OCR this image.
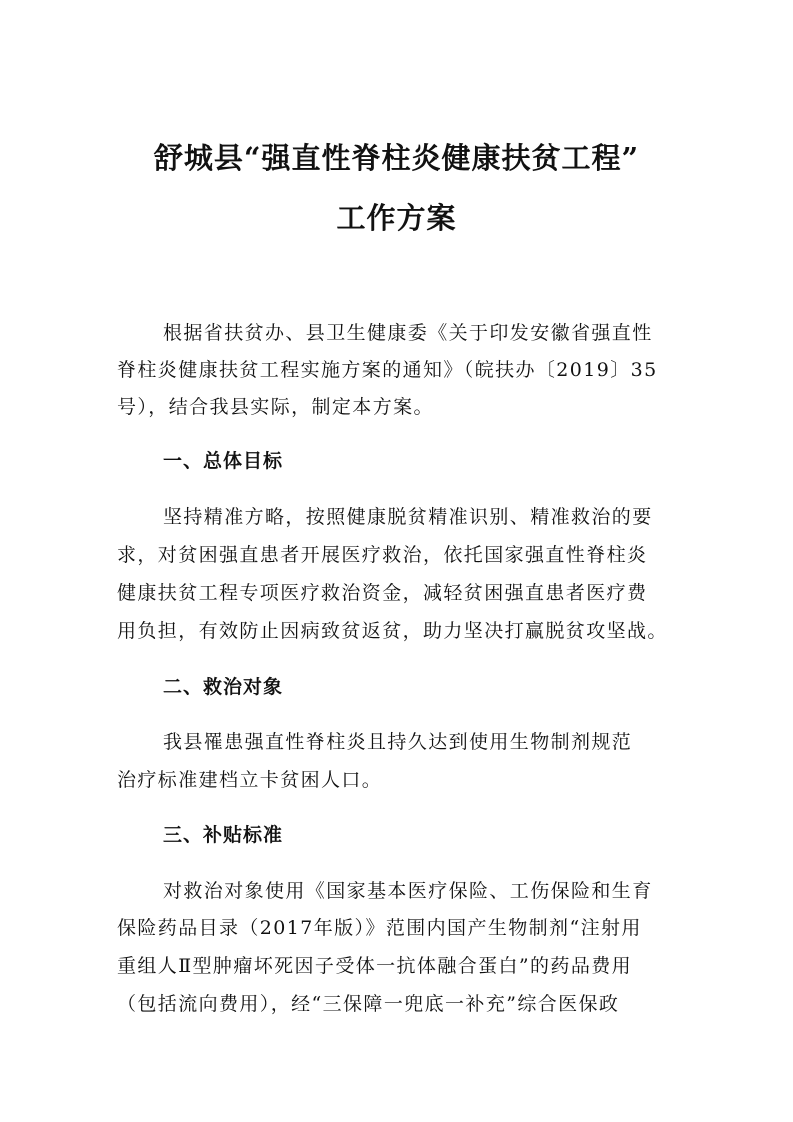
舒城县“强直性脊柱炎健康扶贫工程”
工作方案
根据省扶贫办、县卫生健康委《关于印发安徽省强直性
脊柱炎健康扶贫工程实施方案的通知》（皖扶办〔2019〕35
号），结合我县实际，制定本方案。
一、总体目标
坚持精准方略，按照健康脱贫精准识别、精准救治的要
求，对贫困强直患者开展医疗救治，依托国家强直性脊柱炎
健康扶贫工程专项医疗救治资金，减轻贫困强直患者医疗费
用负担，有效防止因病致贫返贫，助力坚决打赢脱贫攻坚战。
二、救治对象
我县罹患强直性脊柱炎且持久达到使用生物制剂规范
治疗标准建档立卡贫困人口。
三、补贴标准
对救治对象使用《国家基本医疗保险、工伤保险和生育
保险药品目录（2017年版）》范围内国产生物制剂“注射用
重组人Ⅱ型肿瘤坏死因子受体一抗体融合蛋白”的药品费用
（包括流向费用），经“三保障一兜底一补充”综合医保政
